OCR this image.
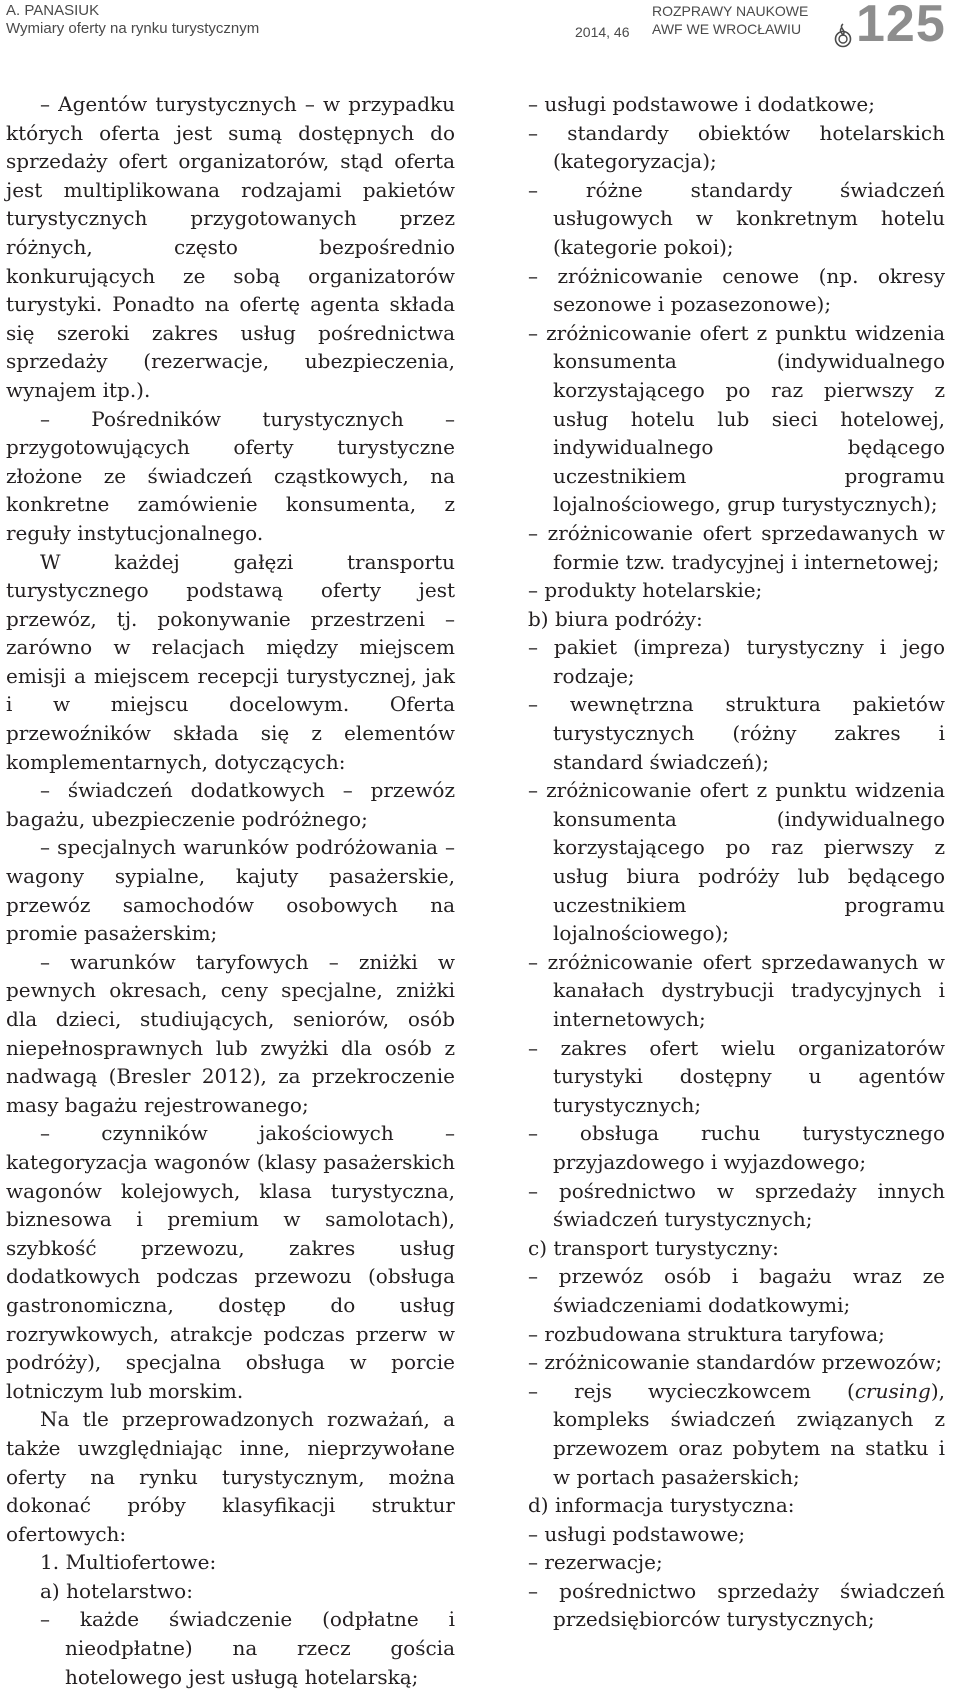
A. PANASIUK
Wymiary oferty na rynku turystycznym	2014, 46
ROZPRAWY NAUKOWE
AWF WE WROCŁAWIU 125

– Agentów turystycznych – w przypadku których oferta jest sumą dostępnych do sprzedaży ofert organizatorów, stąd oferta jest multiplikowana rodzajami pakietów turystycznych przygotowanych przez różnych, często bezpośrednio konkurujących ze sobą organizatorów turystyki. Ponadto na ofertę agenta składa się szeroki zakres usług pośrednictwa sprzedaży (rezerwacje, ubezpieczenia, wynajem itp.).

– Pośredników turystycznych – przygotowujących oferty turystyczne złożone ze świadczeń cząstkowych, na konkretne zamówienie konsumenta, z reguły instytucjonalnego.

W każdej gałęzi transportu turystycznego podstawą oferty jest przewóz, tj. pokonywanie przestrzeni – zarówno w relacjach między miejscem emisji a miejscem recepcji turystycznej, jak i w miejscu docelowym. Oferta przewoźników składa się z elementów komplementarnych, dotyczących:

– świadczeń dodatkowych – przewóz bagażu, ubezpieczenie podróżnego;

– specjalnych warunków podróżowania – wagony sypialne, kajuty pasażerskie, przewóz samochodów osobowych na promie pasażerskim;

– warunków taryfowych – zniżki w pewnych okresach, ceny specjalne, zniżki dla dzieci, studiujących, seniorów, osób niepełnosprawnych lub zwyżki dla osób z nadwagą (Bresler 2012), za przekroczenie masy bagażu rejestrowanego;

– czynników jakościowych – kategoryzacja wagonów (klasy pasażerskich wagonów kolejowych, klasa turystyczna, biznesowa i premium w samolotach), szybkość przewozu, zakres usług dodatkowych podczas przewozu (obsługa gastronomiczna, dostęp do usług rozrywkowych, atrakcje podczas przerw w podróży), specjalna obsługa w porcie lotniczym lub morskim.

Na tle przeprowadzonych rozważań, a także uwzględniając inne, nieprzywołane oferty na rynku turystycznym, można dokonać próby klasyfikacji struktur ofertowych:

1. Multiofertowe:

a) hotelarstwo:

– każde świadczenie (odpłatne i nieodpłatne) na rzecz gościa hotelowego jest usługą hotelarską;

– usługi podstawowe i dodatkowe;
– standardy obiektów hotelarskich (kategoryzacja);
– różne standardy świadczeń usługowych w konkretnym hotelu (kategorie pokoi);
– zróżnicowanie cenowe (np. okresy sezonowe i pozasezonowe);
– zróżnicowanie ofert z punktu widzenia konsumenta (indywidualnego korzystającego po raz pierwszy z usług hotelu lub sieci hotelowej, indywidualnego będącego uczestnikiem programu lojalnościowego, grup turystycznych);
– zróżnicowanie ofert sprzedawanych w formie tzw. tradycyjnej i internetowej;
– produkty hotelarskie;
b) biura podróży:
– pakiet (impreza) turystyczny i jego rodzaje;
– wewnętrzna struktura pakietów turystycznych (różny zakres i standard świadczeń);
– zróżnicowanie ofert z punktu widzenia konsumenta (indywidualnego korzystającego po raz pierwszy z usług biura podróży lub będącego uczestnikiem programu lojalnościowego);
– zróżnicowanie ofert sprzedawanych w kanałach dystrybucji tradycyjnych i internetowych;
– zakres ofert wielu organizatorów turystyki dostępny u agentów turystycznych;
– obsługa ruchu turystycznego przyjazdowego i wyjazdowego;
– pośrednictwo w sprzedaży innych świadczeń turystycznych;
c) transport turystyczny:
– przewóz osób i bagażu wraz ze świadczeniami dodatkowymi;
– rozbudowana struktura taryfowa;
– zróżnicowanie standardów przewozów;
– rejs wycieczkowcem (crusing), kompleks świadczeń związanych z przewozem oraz pobytem na statku i w portach pasażerskich;
d) informacja turystyczna:
– usługi podstawowe;
– rezerwacje;
– pośrednictwo sprzedaży świadczeń przedsiębiorców turystycznych;
